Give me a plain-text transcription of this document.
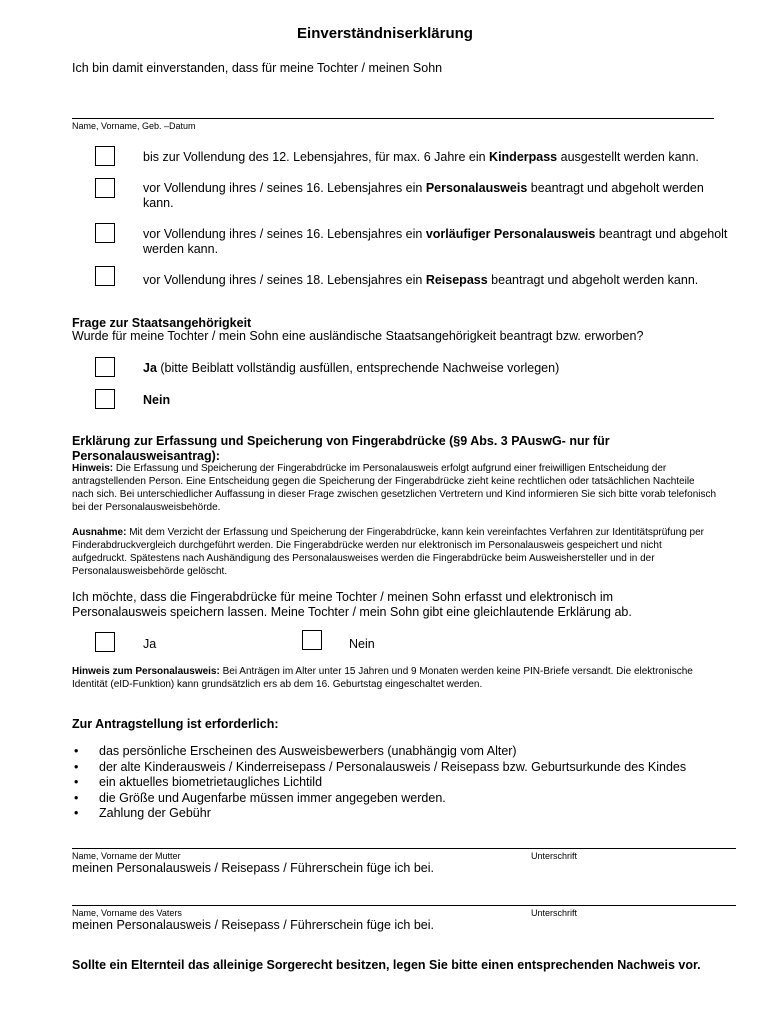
Einverständniserklärung
Ich bin damit einverstanden, dass für meine Tochter / meinen Sohn
Name, Vorname, Geb. –Datum
bis zur Vollendung des 12. Lebensjahres, für max. 6 Jahre ein Kinderpass ausgestellt werden kann.
vor Vollendung ihres / seines 16. Lebensjahres ein Personalausweis beantragt und abgeholt werden kann.
vor Vollendung ihres / seines 16. Lebensjahres ein vorläufiger Personalausweis beantragt und abgeholt werden kann.
vor Vollendung ihres / seines 18. Lebensjahres ein Reisepass beantragt und abgeholt werden kann.
Frage zur Staatsangehörigkeit
Wurde für meine Tochter / mein Sohn eine ausländische Staatsangehörigkeit beantragt bzw. erworben?
Ja (bitte Beiblatt vollständig ausfüllen, entsprechende Nachweise vorlegen)
Nein
Erklärung zur Erfassung und Speicherung von Fingerabdrücke (§9 Abs. 3 PAuswG- nur für Personalausweisantrag):
Hinweis: Die Erfassung und Speicherung der Fingerabdrücke im Personalausweis erfolgt aufgrund einer freiwilligen Entscheidung der antragstellenden Person. Eine Entscheidung gegen die Speicherung der Fingerabdrücke zieht keine rechtlichen oder tatsächlichen Nachteile nach sich. Bei unterschiedlicher Auffassung in dieser Frage zwischen gesetzlichen Vertretern und Kind informieren Sie sich bitte vorab telefonisch bei der Personalausweisbehörde.
Ausnahme: Mit dem Verzicht der Erfassung und Speicherung der Fingerabdrücke, kann kein vereinfachtes Verfahren zur Identitätsprüfung per Finderabdruckvergleich durchgeführt werden. Die Fingerabdrücke werden nur elektronisch im Personalausweis gespeichert und nicht aufgedruckt. Spätestens nach Aushändigung des Personalausweises werden die Fingerabdrücke beim Ausweishersteller und in der Personalausweisbehörde gelöscht.
Ich möchte, dass die Fingerabdrücke für meine Tochter / meinen Sohn erfasst und elektronisch im Personalausweis speichern lassen. Meine Tochter / mein Sohn gibt eine gleichlautende Erklärung ab.
Ja	Nein
Hinweis zum Personalausweis: Bei Anträgen im Alter unter 15 Jahren und 9 Monaten werden keine PIN-Briefe versandt. Die elektronische Identität (eID-Funktion) kann grundsätzlich ers ab dem 16. Geburtstag eingeschaltet werden.
Zur Antragstellung ist erforderlich:
• das persönliche Erscheinen des Ausweisbewerbers (unabhängig vom Alter)
• der alte Kinderausweis / Kinderreisepass / Personalausweis / Reisepass bzw. Geburtsurkunde des Kindes
• ein aktuelles biometrietaugliches Lichtild
• die Größe und Augenfarbe müssen immer angegeben werden.
• Zahlung der Gebühr
Name, Vorname der Mutter	Unterschrift
meinen Personalausweis / Reisepass / Führerschein füge ich bei.
Name, Vorname des Vaters	Unterschrift
meinen Personalausweis / Reisepass / Führerschein füge ich bei.
Sollte ein Elternteil das alleinige Sorgerecht besitzen, legen Sie bitte einen entsprechenden Nachweis vor.
